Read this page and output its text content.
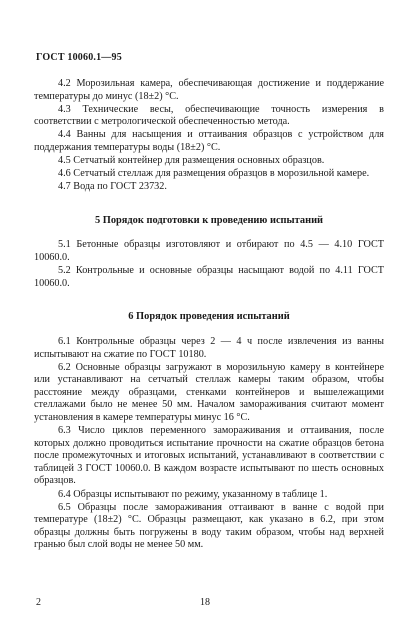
ГОСТ 10060.1—95

4.2 Морозильная камера, обеспечивающая достижение и поддержание температуры до минус (18±2) °С.

4.3 Технические весы, обеспечивающие точность измерения в соответствии с метрологической обеспеченностью метода.

4.4 Ванны для насыщения и оттаивания образцов с устройством для поддержания температуры воды (18±2) °С.

4.5 Сетчатый контейнер для размещения основных образцов.

4.6 Сетчатый стеллаж для размещения образцов в морозильной камере.

4.7 Вода по ГОСТ 23732.

5 Порядок подготовки к проведению испытаний

5.1 Бетонные образцы изготовляют и отбирают по 4.5 — 4.10 ГОСТ 10060.0.

5.2 Контрольные и основные образцы насыщают водой по 4.11 ГОСТ 10060.0.

6 Порядок проведения испытаний

6.1 Контрольные образцы через 2 — 4 ч после извлечения из ванны испытывают на сжатие по ГОСТ 10180.

6.2 Основные образцы загружают в морозильную камеру в контейнере или устанавливают на сетчатый стеллаж камеры таким образом, чтобы расстояние между образцами, стенками контейнеров и вышележащими стеллажами было не менее 50 мм. Началом замораживания считают момент установления в камере температуры минус 16 °С.

6.3 Число циклов переменного замораживания и оттаивания, после которых должно проводиться испытание прочности на сжатие образцов бетона после промежуточных и итоговых испытаний, устанавливают в соответствии с таблицей 3 ГОСТ 10060.0. В каждом возрасте испытывают по шесть основных образцов.

6.4 Образцы испытывают по режиму, указанному в таблице 1.

6.5 Образцы после замораживания оттаивают в ванне с водой при температуре (18±2) °С. Образцы размещают, как указано в 6.2, при этом образцы должны быть погружены в воду таким образом, чтобы над верхней гранью был слой воды не менее 50 мм.

2	18
